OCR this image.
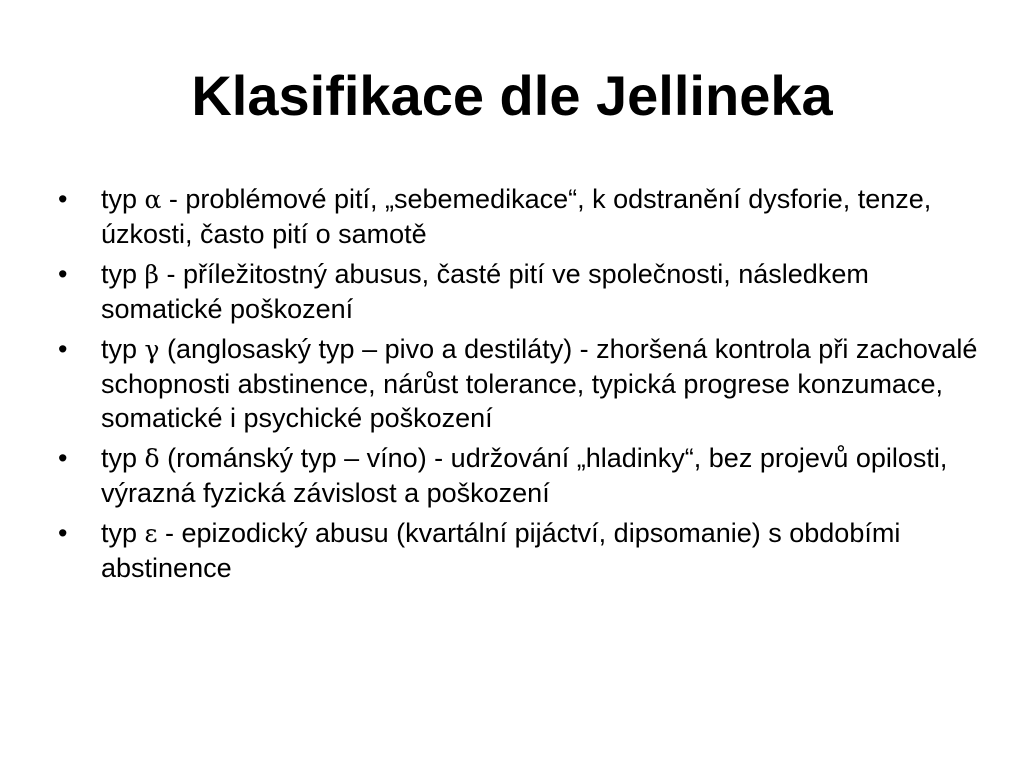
Klasifikace dle Jellineka
•	typ α - problémové pití, „sebemedikace“, k odstranění dysforie, tenze, úzkosti, často pití o samotě
•	typ β - příležitostný abusus, časté pití ve společnosti, následkem somatické poškození
•	typ γ (anglosaský typ – pivo a destiláty) - zhoršená kontrola při zachovalé schopnosti abstinence, nárůst tolerance, typická progrese konzumace, somatické i psychické poškození
•	typ δ (románský typ – víno) - udržování „hladinky“, bez projevů opilosti, výrazná fyzická závislost a poškození
•	typ ε - epizodický abusu (kvartální pijáctví, dipsomanie) s obdobími abstinence
